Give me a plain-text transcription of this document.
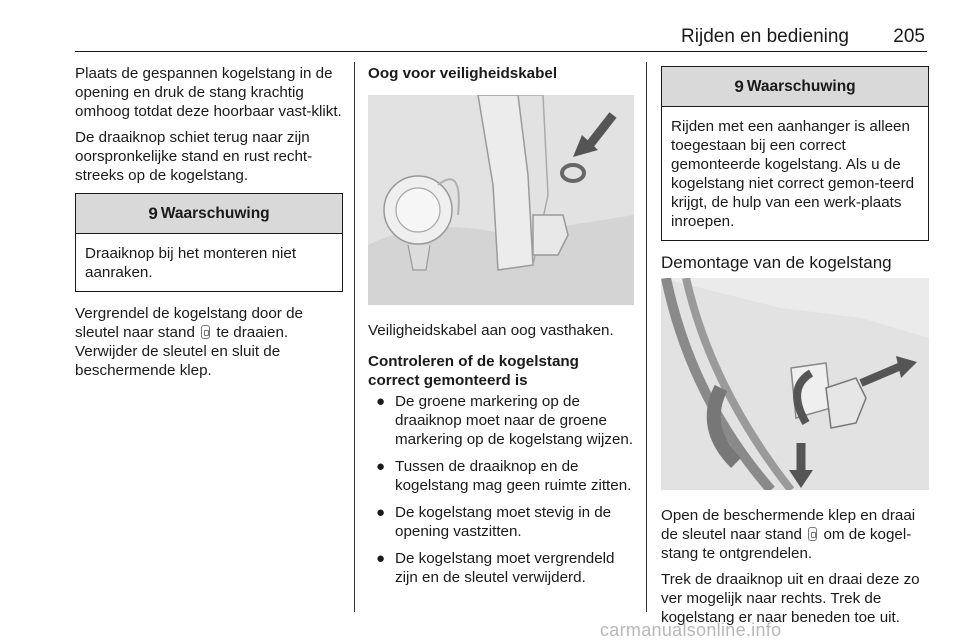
Rijden en bediening 205

Plaats de gespannen kogelstang in de opening en druk de stang krachtig omhoog totdat deze hoorbaar vast-klikt.

De draaiknop schiet terug naar zijn oorspronkelijke stand en rust recht-streeks op de kogelstang.

9 Waarschuwing
Draaiknop bij het monteren niet aanraken.

Vergrendel de kogelstang door de sleutel naar stand te draaien. Verwijder de sleutel en sluit de beschermende klep.

Oog voor veiligheidskabel

Veiligheidskabel aan oog vasthaken.

Controleren of de kogelstang correct gemonteerd is
● De groene markering op de draaiknop moet naar de groene markering op de kogelstang wijzen.
● Tussen de draaiknop en de kogelstang mag geen ruimte zitten.
● De kogelstang moet stevig in de opening vastzitten.
● De kogelstang moet vergrendeld zijn en de sleutel verwijderd.
9 Waarschuwing
Rijden met een aanhanger is alleen toegestaan bij een correct gemonteerde kogelstang. Als u de kogelstang niet correct gemon-teerd krijgt, de hulp van een werk-plaats inroepen.
Demontage van de kogelstang

Open de beschermende klep en draai de sleutel naar stand om de kogel-stang te ontgrendelen.

Trek de draaiknop uit en draai deze zo ver mogelijk naar rechts. Trek de kogelstang er naar beneden toe uit.

carmanualsonline.info
